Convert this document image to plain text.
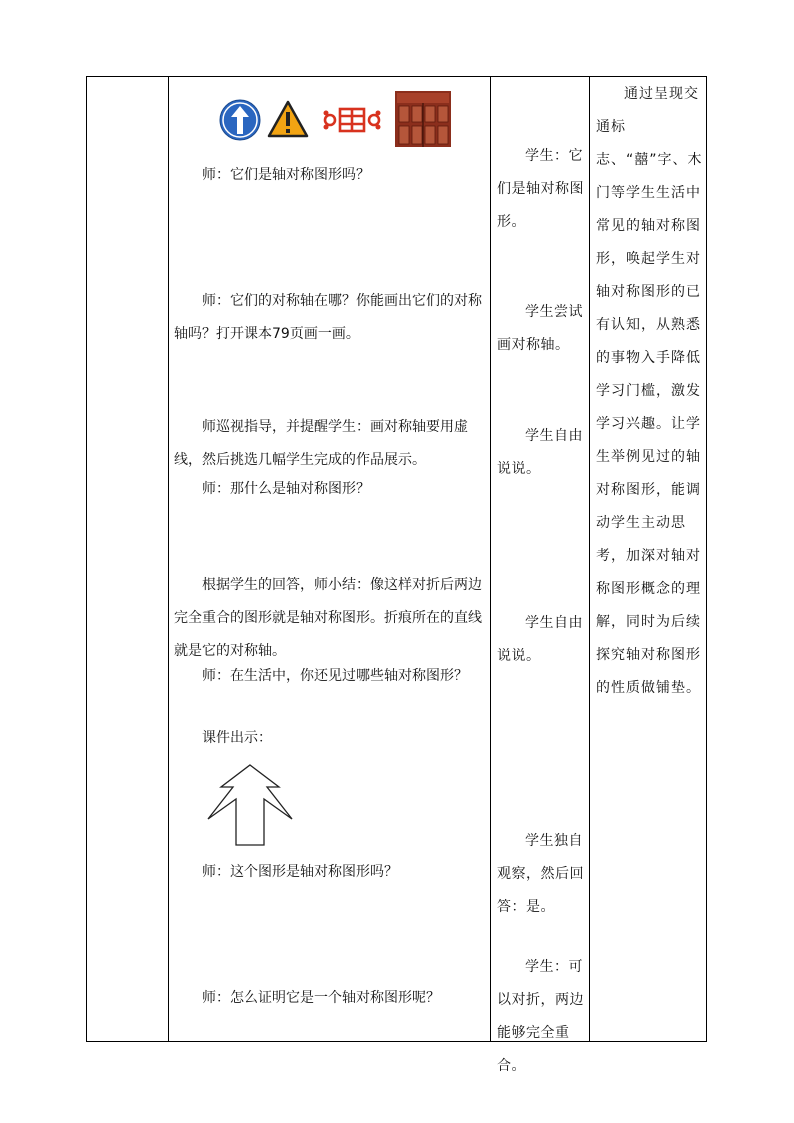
师：它们是轴对称图形吗？

师：它们的对称轴在哪？你能画出它们的对称轴吗？打开课本79页画一画。

师巡视指导，并提醒学生：画对称轴要用虚线，然后挑选几幅学生完成的作品展示。

师：那什么是轴对称图形？

根据学生的回答，师小结：像这样对折后两边完全重合的图形就是轴对称图形。折痕所在的直线就是它的对称轴。

师：在生活中，你还见过哪些轴对称图形？

课件出示：

师：这个图形是轴对称图形吗？

师：怎么证明它是一个轴对称图形呢？

学生：它们是轴对称图形。

学生尝试画对称轴。

学生自由说说。

学生自由说说。

学生独自观察，然后回答：是。

学生：可以对折，两边能够完全重合。

通过呈现交通标志、“囍”字、木门等学生生活中常见的轴对称图形，唤起学生对轴对称图形的已有认知，从熟悉的事物入手降低学习门槛，激发学习兴趣。让学生举例见过的轴对称图形，能调动学生主动思考，加深对轴对称图形概念的理解，同时为后续探究轴对称图形的性质做铺垫。
